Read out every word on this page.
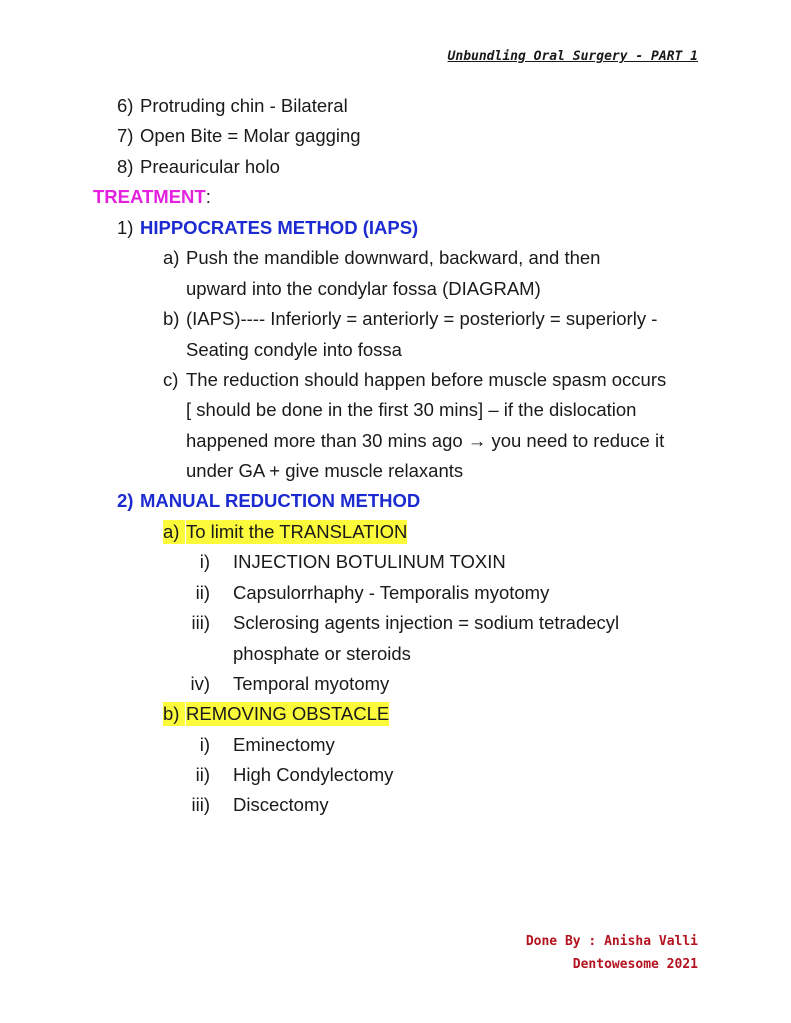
Unbundling Oral Surgery - PART 1
6) Protruding chin - Bilateral
7) Open Bite = Molar gagging
8) Preauricular holo
TREATMENT:
1) HIPPOCRATES METHOD (IAPS)
a) Push the mandible downward, backward, and then
upward into the condylar fossa (DIAGRAM)
b) (IAPS)---- Inferiorly = anteriorly = posteriorly = superiorly -
Seating condyle into fossa
c) The reduction should happen before muscle spasm occurs
[ should be done in the first 30 mins] – if the dislocation
happened more than 30 mins ago → you need to reduce it
under GA + give muscle relaxants
2) MANUAL REDUCTION METHOD
a) To limit the TRANSLATION
i) INJECTION BOTULINUM TOXIN
ii) Capsulorrhaphy - Temporalis myotomy
iii) Sclerosing agents injection = sodium tetradecyl
phosphate or steroids
iv) Temporal myotomy
b) REMOVING OBSTACLE
i) Eminectomy
ii) High Condylectomy
iii) Discectomy
Done By : Anisha Valli
Dentowesome 2021
